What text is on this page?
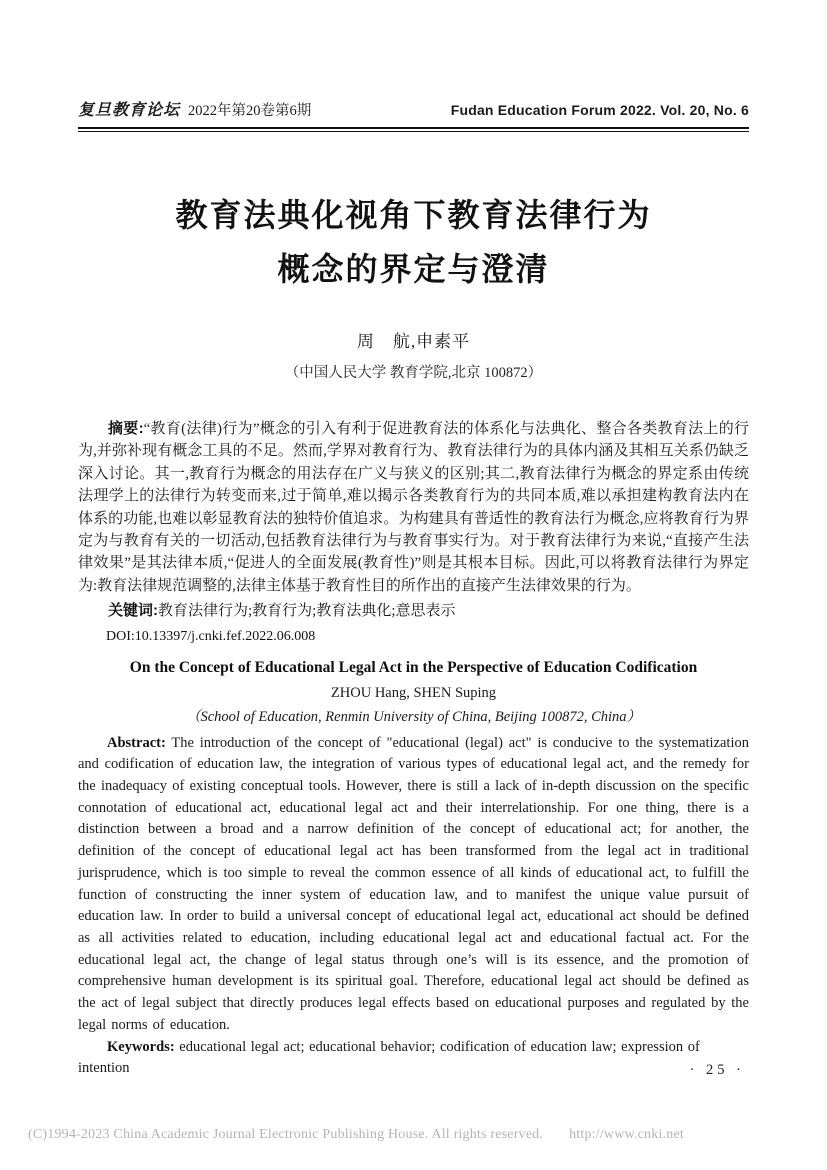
复旦教育论坛 2022年第20卷第6期	Fudan Education Forum 2022. Vol. 20, No. 6
教育法典化视角下教育法律行为
概念的界定与澄清
周　航,申素平
（中国人民大学 教育学院,北京 100872）

摘要:“教育(法律)行为”概念的引入有利于促进教育法的体系化与法典化、整合各类教育法上的行为,并弥补现有概念工具的不足。然而,学界对教育行为、教育法律行为的具体内涵及其相互关系仍缺乏深入讨论。其一,教育行为概念的用法存在广义与狭义的区别;其二,教育法律行为概念的界定系由传统法理学上的法律行为转变而来,过于简单,难以揭示各类教育行为的共同本质,难以承担建构教育法内在体系的功能,也难以彰显教育法的独特价值追求。为构建具有普适性的教育法行为概念,应将教育行为界定为与教育有关的一切活动,包括教育法律行为与教育事实行为。对于教育法律行为来说,“直接产生法律效果”是其法律本质,“促进人的全面发展(教育性)”则是其根本目标。因此,可以将教育法律行为界定为:教育法律规范调整的,法律主体基于教育性目的所作出的直接产生法律效果的行为。

关键词:教育法律行为;教育行为;教育法典化;意思表示

DOI:10.13397/j.cnki.fef.2022.06.008

On the Concept of Educational Legal Act in the Perspective of Education Codification
ZHOU Hang, SHEN Suping
（School of Education, Renmin University of China, Beijing 100872, China）

Abstract: The introduction of the concept of "educational (legal) act" is conducive to the systematization and codification of education law, the integration of various types of educational legal act, and the remedy for the inadequacy of existing conceptual tools. However, there is still a lack of in-depth discussion on the specific connotation of educational act, educational legal act and their interrelationship. For one thing, there is a distinction between a broad and a narrow definition of the concept of educational act; for another, the definition of the concept of educational legal act has been transformed from the legal act in traditional jurisprudence, which is too simple to reveal the common essence of all kinds of educational act, to fulfill the function of constructing the inner system of education law, and to manifest the unique value pursuit of education law. In order to build a universal concept of educational legal act, educational act should be defined as all activities related to education, including educational legal act and educational factual act. For the educational legal act, the change of legal status through one’s will is its essence, and the promotion of comprehensive human development is its spiritual goal. Therefore, educational legal act should be defined as the act of legal subject that directly produces legal effects based on educational purposes and regulated by the legal norms of education.

Keywords: educational legal act; educational behavior; codification of education law; expression of intention	· 25 ·
(C)1994-2023 China Academic Journal Electronic Publishing House. All rights reserved. http://www.cnki.net
